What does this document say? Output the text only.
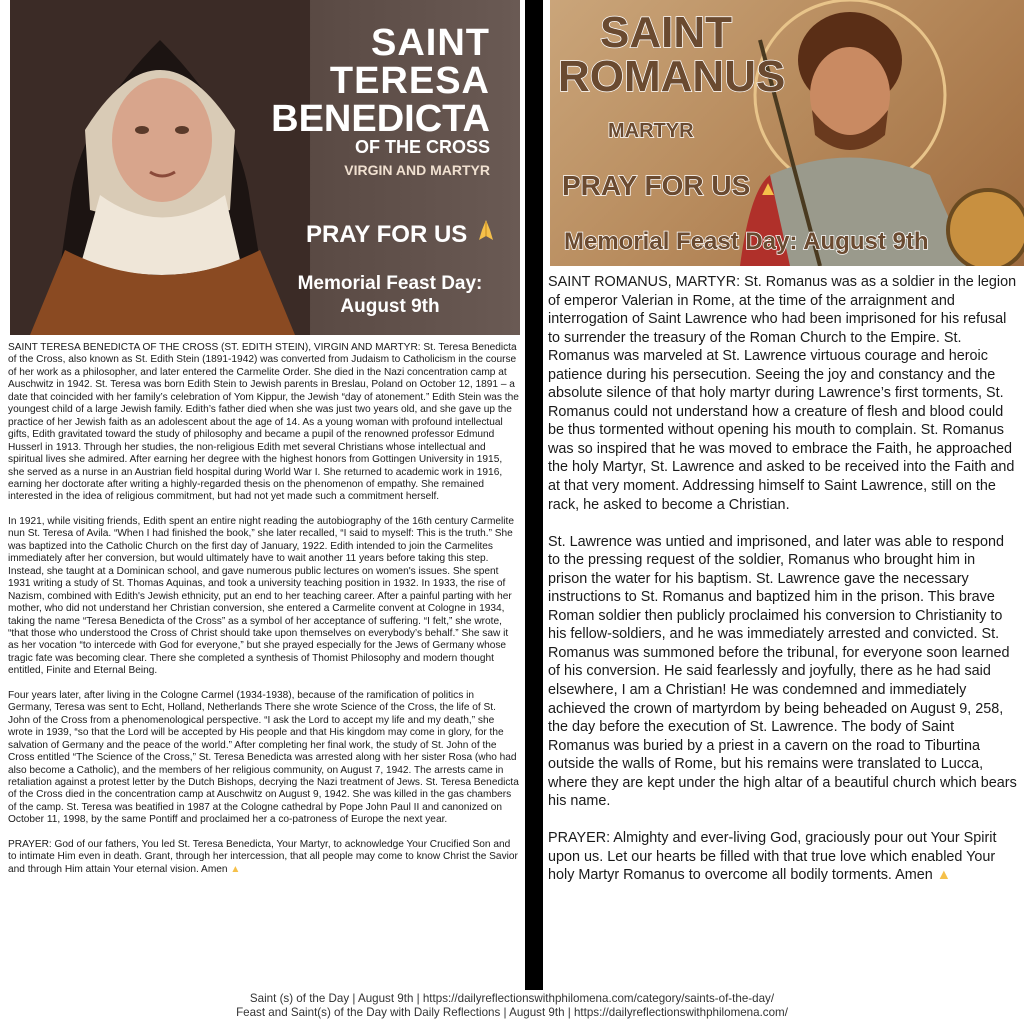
SAINT
TERESA
BENEDICTA
OF THE CROSS
VIRGIN AND MARTYR
PRAY FOR US
Memorial Feast Day:
August 9th

SAINT TERESA BENEDICTA OF THE CROSS (ST. EDITH STEIN), VIRGIN AND MARTYR: St. Teresa Benedicta of the Cross, also known as St. Edith Stein (1891-1942) was converted from Judaism to Catholicism in the course of her work as a philosopher, and later entered the Carmelite Order. She died in the Nazi concentration camp at Auschwitz in 1942. St. Teresa was born Edith Stein to Jewish parents in Breslau, Poland on October 12, 1891 – a date that coincided with her family’s celebration of Yom Kippur, the Jewish “day of atonement.” Edith Stein was the youngest child of a large Jewish family. Edith’s father died when she was just two years old, and she gave up the practice of her Jewish faith as an adolescent about the age of 14. As a young woman with profound intellectual gifts, Edith gravitated toward the study of philosophy and became a pupil of the renowned professor Edmund Husserl in 1913. Through her studies, the non-religious Edith met several Christians whose intellectual and spiritual lives she admired. After earning her degree with the highest honors from Gottingen University in 1915, she served as a nurse in an Austrian field hospital during World War I. She returned to academic work in 1916, earning her doctorate after writing a highly-regarded thesis on the phenomenon of empathy. She remained interested in the idea of religious commitment, but had not yet made such a commitment herself.

In 1921, while visiting friends, Edith spent an entire night reading the autobiography of the 16th century Carmelite nun St. Teresa of Avila. “When I had finished the book,” she later recalled, “I said to myself: This is the truth.” She was baptized into the Catholic Church on the first day of January, 1922. Edith intended to join the Carmelites immediately after her conversion, but would ultimately have to wait another 11 years before taking this step. Instead, she taught at a Dominican school, and gave numerous public lectures on women's issues. She spent 1931 writing a study of St. Thomas Aquinas, and took a university teaching position in 1932. In 1933, the rise of Nazism, combined with Edith's Jewish ethnicity, put an end to her teaching career. After a painful parting with her mother, who did not understand her Christian conversion, she entered a Carmelite convent at Cologne in 1934, taking the name “Teresa Benedicta of the Cross” as a symbol of her acceptance of suffering. “I felt,” she wrote, “that those who understood the Cross of Christ should take upon themselves on everybody’s behalf.” She saw it as her vocation “to intercede with God for everyone,” but she prayed especially for the Jews of Germany whose tragic fate was becoming clear. There she completed a synthesis of Thomist Philosophy and modern thought entitled, Finite and Eternal Being.

Four years later, after living in the Cologne Carmel (1934-1938), because of the ramification of politics in Germany, Teresa was sent to Echt, Holland, Netherlands There she wrote Science of the Cross, the life of St. John of the Cross from a phenomenological perspective. “I ask the Lord to accept my life and my death,” she wrote in 1939, “so that the Lord will be accepted by His people and that His kingdom may come in glory, for the salvation of Germany and the peace of the world.” After completing her final work, the study of St. John of the Cross entitled “The Science of the Cross,” St. Teresa Benedicta was arrested along with her sister Rosa (who had also become a Catholic), and the members of her religious community, on August 7, 1942. The arrests came in retaliation against a protest letter by the Dutch Bishops, decrying the Nazi treatment of Jews. St. Teresa Benedicta of the Cross died in the concentration camp at Auschwitz on August 9, 1942. She was killed in the gas chambers of the camp. St. Teresa was beatified in 1987 at the Cologne cathedral by Pope John Paul II and canonized on October 11, 1998, by the same Pontiff and proclaimed her a co-patroness of Europe the next year.

PRAYER: God of our fathers, You led St. Teresa Benedicta, Your Martyr, to acknowledge Your Crucified Son and to intimate Him even in death. Grant, through her intercession, that all people may come to know Christ the Savior and through Him attain Your eternal vision. Amen ▲

SAINT
ROMANUS
MARTYR
PRAY FOR US ▲
Memorial Feast Day: August 9th

SAINT ROMANUS, MARTYR: St. Romanus was as a soldier in the legion of emperor Valerian in Rome, at the time of the arraignment and interrogation of Saint Lawrence who had been imprisoned for his refusal to surrender the treasury of the Roman Church to the Empire. St. Romanus was marveled at St. Lawrence virtuous courage and heroic patience during his persecution. Seeing the joy and constancy and the absolute silence of that holy martyr during Lawrence’s first torments, St. Romanus could not understand how a creature of flesh and blood could be thus tormented without opening his mouth to complain. St. Romanus was so inspired that he was moved to embrace the Faith, he approached the holy Martyr, St. Lawrence and asked to be received into the Faith and at that very moment. Addressing himself to Saint Lawrence, still on the rack, he asked to become a Christian.

St. Lawrence was untied and imprisoned, and later was able to respond to the pressing request of the soldier, Romanus who brought him in prison the water for his baptism. St. Lawrence gave the necessary instructions to St. Romanus and baptized him in the prison. This brave Roman soldier then publicly proclaimed his conversion to Christianity to his fellow-soldiers, and he was immediately arrested and convicted. St. Romanus was summoned before the tribunal, for everyone soon learned of his conversion. He said fearlessly and joyfully, there as he had said elsewhere, I am a Christian! He was condemned and immediately achieved the crown of martyrdom by being beheaded on August 9, 258, the day before the execution of St. Lawrence. The body of Saint Romanus was buried by a priest in a cavern on the road to Tiburtina outside the walls of Rome, but his remains were translated to Lucca, where they are kept under the high altar of a beautiful church which bears his name.

PRAYER: Almighty and ever-living God, graciously pour out Your Spirit upon us. Let our hearts be filled with that true love which enabled Your holy Martyr Romanus to overcome all bodily torments. Amen ▲

Saint (s) of the Day | August 9th | https://dailyreflectionswithphilomena.com/category/saints-of-the-day/
Feast and Saint(s) of the Day with Daily Reflections | August 9th | https://dailyreflectionswithphilomena.com/
